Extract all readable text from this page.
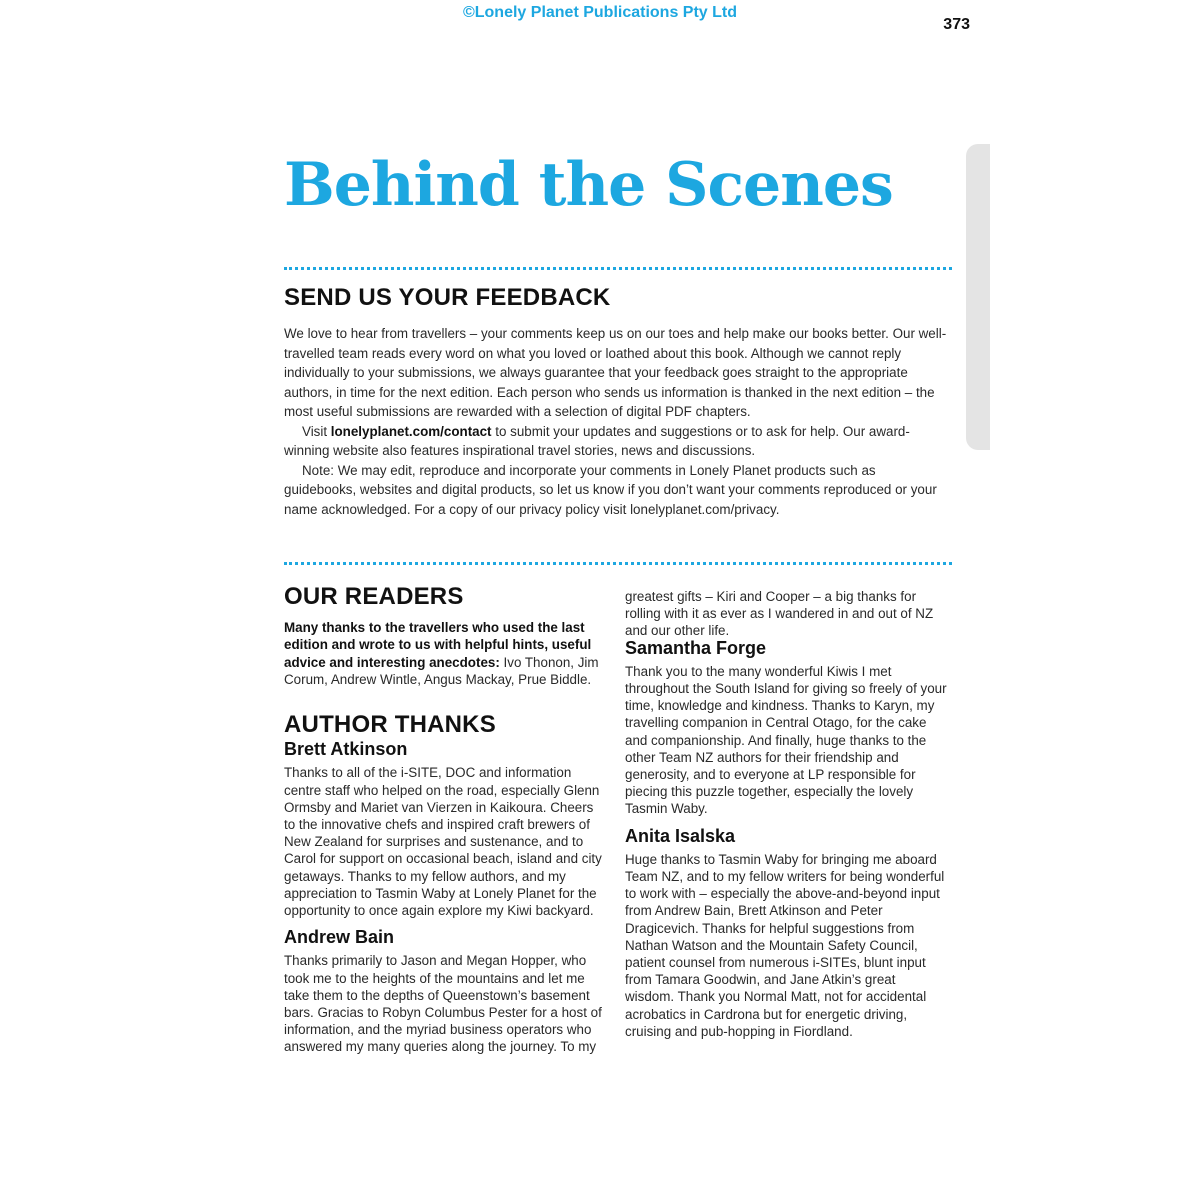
©Lonely Planet Publications Pty Ltd
373
Behind the Scenes
SEND US YOUR FEEDBACK

We love to hear from travellers – your comments keep us on our toes and help make our books better. Our well-travelled team reads every word on what you loved or loathed about this book. Although we cannot reply individually to your submissions, we always guarantee that your feedback goes straight to the appropriate authors, in time for the next edition. Each person who sends us information is thanked in the next edition – the most useful submissions are rewarded with a selection of digital PDF chapters.

Visit lonelyplanet.com/contact to submit your updates and suggestions or to ask for help. Our award-winning website also features inspirational travel stories, news and discussions.

Note: We may edit, reproduce and incorporate your comments in Lonely Planet products such as guidebooks, websites and digital products, so let us know if you don’t want your comments reproduced or your name acknowledged. For a copy of our privacy policy visit lonelyplanet.com/privacy.

OUR READERS

Many thanks to the travellers who used the last edition and wrote to us with helpful hints, useful advice and interesting anecdotes: Ivo Thonon, Jim Corum, Andrew Wintle, Angus Mackay, Prue Biddle.

AUTHOR THANKS
Brett Atkinson

Thanks to all of the i-SITE, DOC and information centre staff who helped on the road, especially Glenn Ormsby and Mariet van Vierzen in Kaikoura. Cheers to the innovative chefs and inspired craft brewers of New Zealand for surprises and sustenance, and to Carol for support on occasional beach, island and city getaways. Thanks to my fellow authors, and my appreciation to Tasmin Waby at Lonely Planet for the opportunity to once again explore my Kiwi backyard.

Andrew Bain

Thanks primarily to Jason and Megan Hopper, who took me to the heights of the mountains and let me take them to the depths of Queenstown’s basement bars. Gracias to Robyn Columbus Pester for a host of information, and the myriad business operators who answered my many queries along the journey. To my

greatest gifts – Kiri and Cooper – a big thanks for rolling with it as ever as I wandered in and out of NZ and our other life.

Samantha Forge

Thank you to the many wonderful Kiwis I met throughout the South Island for giving so freely of your time, knowledge and kindness. Thanks to Karyn, my travelling companion in Central Otago, for the cake and companionship. And finally, huge thanks to the other Team NZ authors for their friendship and generosity, and to everyone at LP responsible for piecing this puzzle together, especially the lovely Tasmin Waby.

Anita Isalska

Huge thanks to Tasmin Waby for bringing me aboard Team NZ, and to my fellow writers for being wonderful to work with – especially the above-and-beyond input from Andrew Bain, Brett Atkinson and Peter Dragicevich. Thanks for helpful suggestions from Nathan Watson and the Mountain Safety Council, patient counsel from numerous i-SITEs, blunt input from Tamara Goodwin, and Jane Atkin’s great wisdom. Thank you Normal Matt, not for accidental acrobatics in Cardrona but for energetic driving, cruising and pub-hopping in Fiordland.
